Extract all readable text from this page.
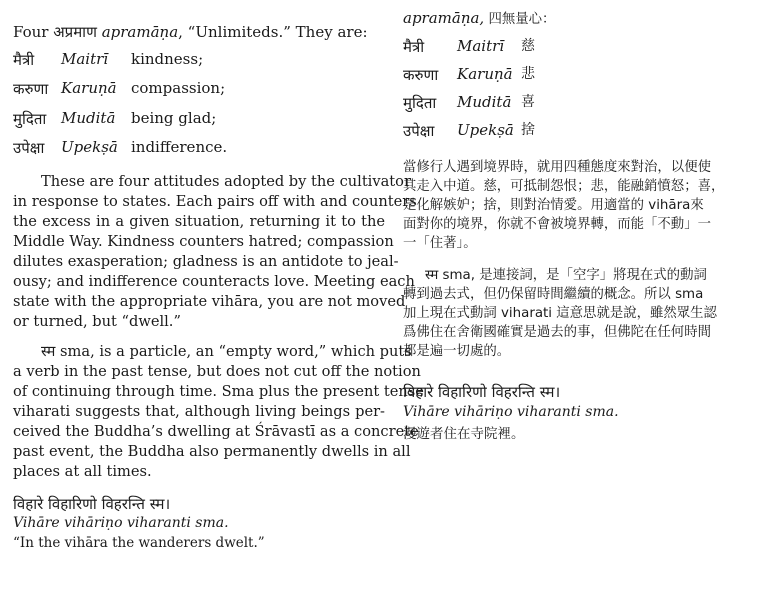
Four अप्रमाण apramāṇa, “Unlimiteds.” They are:
मैत्री Maitrī kindness;
करुणा Karuṇā compassion;
मुदिता Muditā being glad;
उपेक्षा Upekṣā indifference.
These are four attitudes adopted by the cultivator
in response to states. Each pairs off with and counters
the excess in a given situation, returning it to the
Middle Way. Kindness counters hatred; compassion
dilutes exasperation; gladness is an antidote to jeal-
ousy; and indifference counteracts love. Meeting each
state with the appropriate vihāra, you are not moved
or turned, but “dwell.”
स्म sma, is a particle, an “empty word,” which puts
a verb in the past tense, but does not cut off the notion
of continuing through time. Sma plus the present tense
viharati suggests that, although living beings per-
ceived the Buddha’s dwelling at Śrāvastī as a concrete
past event, the Buddha also permanently dwells in all
places at all times.
विहारे विहारिणो विहरन्ति स्म।
Vihāre vihāriṇo viharanti sma.
“In the vihāra the wanderers dwelt.”
apramāṇa, 四無量心：
मैत्री Maitrī 慈
करुणा Karuṇā 悲
मुदिता Muditā 喜
उपेक्षा Upekṣā 捨
當修行人遇到境界時，就用四種態度來對治，以便使
其走入中道。慈，可抵制怨恨；悲，能融銷憤怒；喜，
是化解嫉妒；捨，則對治情愛。用適當的 vihāra來
面對你的境界，你就不會被境界轉，而能「不動」一
一「住著」。
स्म sma, 是連接詞，是「空字」將現在式的動詞
轉到過去式，但仍保留時間繼續的概念。所以 sma
加上現在式動詞 viharati 這意思就是說，雖然眾生認
爲佛住在舍衛國確實是過去的事，但佛陀在任何時間
都是遍一切處的。
विहारे विहारिणो विहरन्ति स्म।
Vihāre vihāriṇo viharanti sma.
漫遊者住在寺院裡。
